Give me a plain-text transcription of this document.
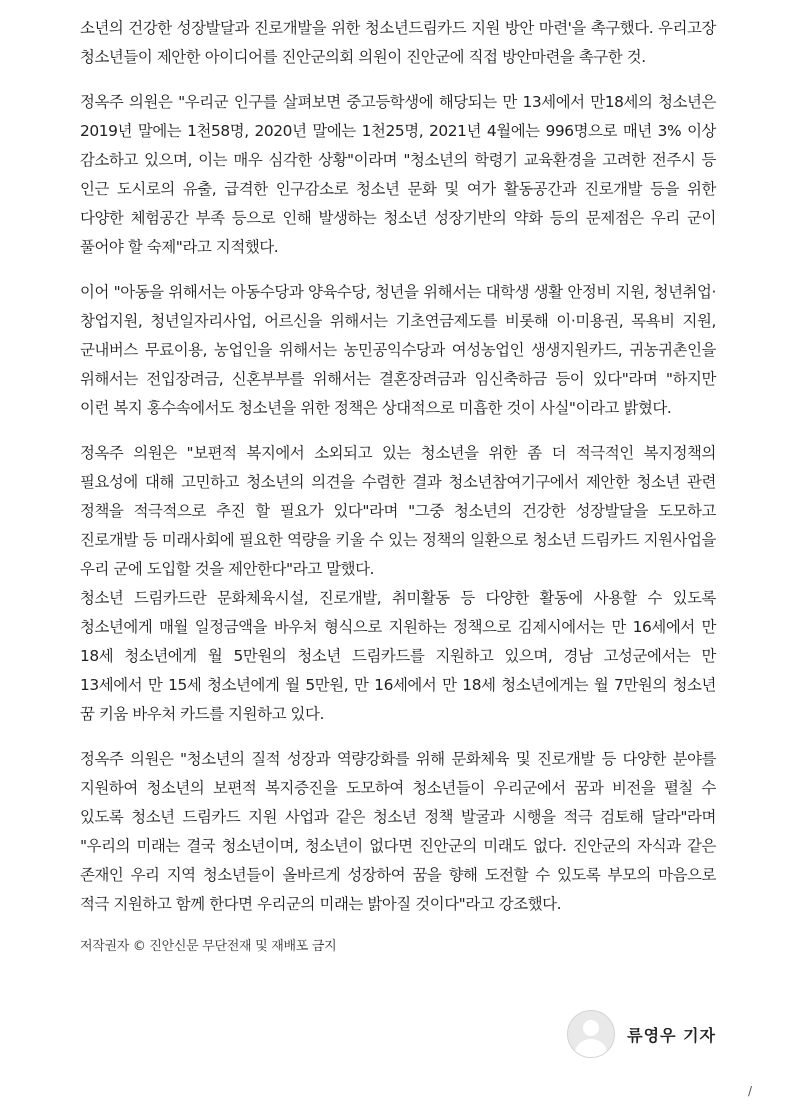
소년의 건강한 성장발달과 진로개발을 위한 청소년드림카드 지원 방안 마련'을 촉구했다. 우리고장 청소년들이 제안한 아이디어를 진안군의회 의원이 진안군에 직접 방안마련을 촉구한 것.

정옥주 의원은 "우리군 인구를 살펴보면 중고등학생에 해당되는 만 13세에서 만18세의 청소년은 2019년 말에는 1천58명, 2020년 말에는 1천25명, 2021년 4월에는 996명으로 매년 3% 이상 감소하고 있으며, 이는 매우 심각한 상황"이라며 "청소년의 학령기 교육환경을 고려한 전주시 등 인근 도시로의 유출, 급격한 인구감소로 청소년 문화 및 여가 활동공간과 진로개발 등을 위한 다양한 체험공간 부족 등으로 인해 발생하는 청소년 성장기반의 약화 등의 문제점은 우리 군이 풀어야 할 숙제"라고 지적했다.

이어 "아동을 위해서는 아동수당과 양육수당, 청년을 위해서는 대학생 생활 안정비 지원, 청년취업·창업지원, 청년일자리사업, 어르신을 위해서는 기초연금제도를 비롯해 이·미용권, 목욕비 지원, 군내버스 무료이용, 농업인을 위해서는 농민공익수당과 여성농업인 생생지원카드, 귀농귀촌인을 위해서는 전입장려금, 신혼부부를 위해서는 결혼장려금과 임신축하금 등이 있다"라며 "하지만 이런 복지 홍수속에서도 청소년을 위한 정책은 상대적으로 미흡한 것이 사실"이라고 밝혔다.

정옥주 의원은 "보편적 복지에서 소외되고 있는 청소년을 위한 좀 더 적극적인 복지정책의 필요성에 대해 고민하고 청소년의 의견을 수렴한 결과 청소년참여기구에서 제안한 청소년 관련 정책을 적극적으로 추진 할 필요가 있다"라며 "그중 청소년의 건강한 성장발달을 도모하고 진로개발 등 미래사회에 필요한 역량을 키울 수 있는 정책의 일환으로 청소년 드림카드 지원사업을 우리 군에 도입할 것을 제안한다"라고 말했다.

청소년 드림카드란 문화체육시설, 진로개발, 취미활동 등 다양한 활동에 사용할 수 있도록 청소년에게 매월 일정금액을 바우처 형식으로 지원하는 정책으로 김제시에서는 만 16세에서 만 18세 청소년에게 월 5만원의 청소년 드림카드를 지원하고 있으며, 경남 고성군에서는 만 13세에서 만 15세 청소년에게 월 5만원, 만 16세에서 만 18세 청소년에게는 월 7만원의 청소년 꿈 키움 바우처 카드를 지원하고 있다.

정옥주 의원은 "청소년의 질적 성장과 역량강화를 위해 문화체육 및 진로개발 등 다양한 분야를 지원하여 청소년의 보편적 복지증진을 도모하여 청소년들이 우리군에서 꿈과 비전을 펼칠 수 있도록 청소년 드림카드 지원 사업과 같은 청소년 정책 발굴과 시행을 적극 검토해 달라"라며 "우리의 미래는 결국 청소년이며, 청소년이 없다면 진안군의 미래도 없다. 진안군의 자식과 같은 존재인 우리 지역 청소년들이 올바르게 성장하여 꿈을 향해 도전할 수 있도록 부모의 마음으로 적극 지원하고 함께 한다면 우리군의 미래는 밝아질 것이다"라고 강조했다.

저작권자 © 진안신문 무단전재 및 재배포 금지
류영우 기자
/
